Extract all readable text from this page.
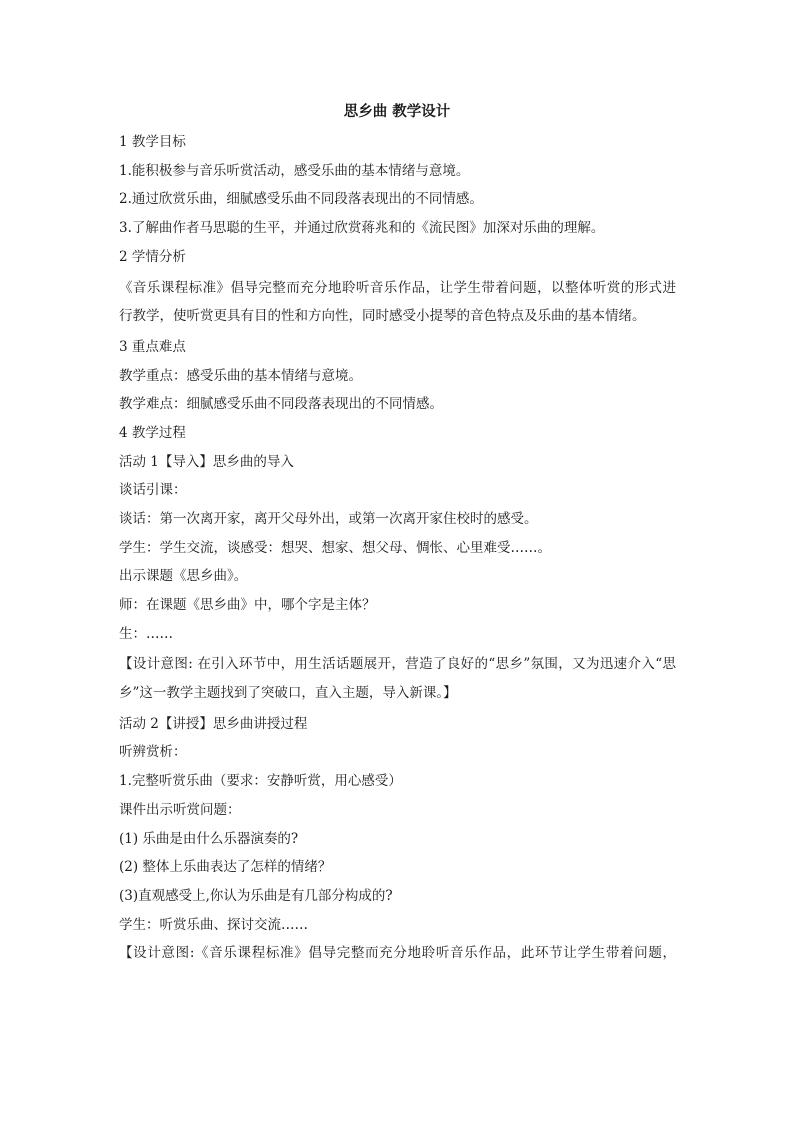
思乡曲 教学设计
1 教学目标
1.能积极参与音乐听赏活动，感受乐曲的基本情绪与意境。
2.通过欣赏乐曲，细腻感受乐曲不同段落表现出的不同情感。
3.了解曲作者马思聪的生平，并通过欣赏蒋兆和的《流民图》加深对乐曲的理解。
2 学情分析
《音乐课程标准》倡导完整而充分地聆听音乐作品，让学生带着问题，以整体听赏的形式进
行教学，使听赏更具有目的性和方向性，同时感受小提琴的音色特点及乐曲的基本情绪。
3 重点难点
教学重点：感受乐曲的基本情绪与意境。
教学难点：细腻感受乐曲不同段落表现出的不同情感。
4 教学过程
活动 1【导入】思乡曲的导入
谈话引课：
谈话：第一次离开家，离开父母外出，或第一次离开家住校时的感受。
学生：学生交流，谈感受：想哭、想家、想父母、惆怅、心里难受……。
出示课题《思乡曲》。
师：在课题《思乡曲》中，哪个字是主体？
生：……
【设计意图: 在引入环节中，用生活话题展开，营造了良好的“思乡”氛围，又为迅速介入“思
乡”这一教学主题找到了突破口，直入主题，导入新课。】
活动 2【讲授】思乡曲讲授过程
听辨赏析：
1.完整听赏乐曲（要求：安静听赏，用心感受）
课件出示听赏问题：
(1) 乐曲是由什么乐器演奏的?
(2) 整体上乐曲表达了怎样的情绪？
(3)直观感受上,你认为乐曲是有几部分构成的?
学生：听赏乐曲、探讨交流……
【设计意图:《音乐课程标准》倡导完整而充分地聆听音乐作品，此环节让学生带着问题，
